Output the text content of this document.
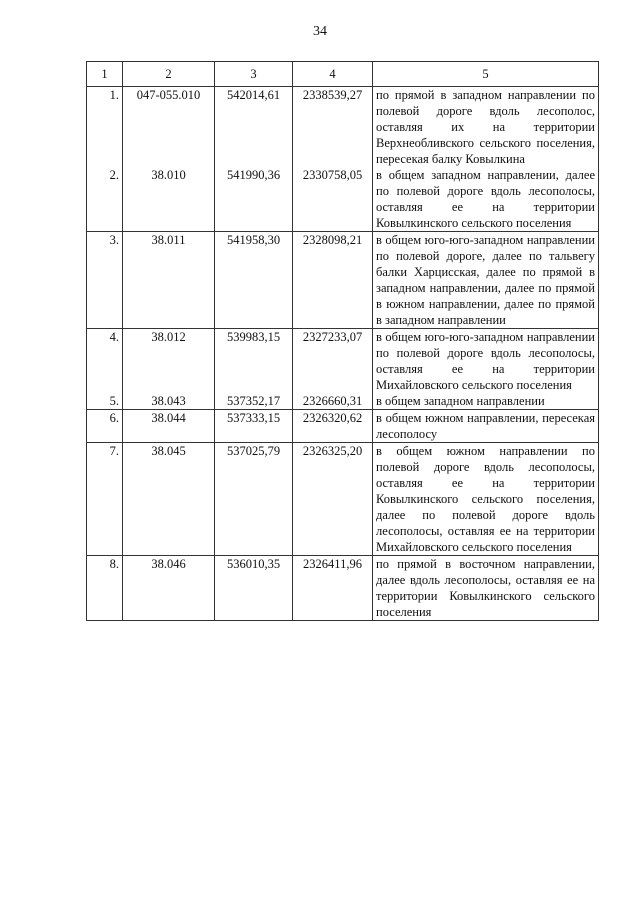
34
1	2	3	4	5
1.	047-055.010	542014,61	2338539,27	по прямой в западном направлении по полевой дороге вдоль лесополос, оставляя их на территории Верхнеобливского сельского поселения, пересекая балку Ковылкина
2.	38.010	541990,36	2330758,05	в общем западном направлении, далее по полевой дороге вдоль лесополосы, оставляя ее на территории Ковылкинского сельского поселения
3.	38.011	541958,30	2328098,21	в общем юго-юго-западном направлении по полевой дороге, далее по тальвегу балки Харцисская, далее по прямой в западном направлении, далее по прямой в южном направлении, далее по прямой в западном направлении
4.	38.012	539983,15	2327233,07	в общем юго-юго-западном направлении по полевой дороге вдоль лесополосы, оставляя ее на территории Михайловского сельского поселения
5.	38.043	537352,17	2326660,31	в общем западном направлении
6.	38.044	537333,15	2326320,62	в общем южном направлении, пересекая лесополосу
7.	38.045	537025,79	2326325,20	в общем южном направлении по полевой дороге вдоль лесополосы, оставляя ее на территории Ковылкинского сельского поселения, далее по полевой дороге вдоль лесополосы, оставляя ее на территории Михайловского сельского поселения
8.	38.046	536010,35	2326411,96	по прямой в восточном направлении, далее вдоль лесополосы, оставляя ее на территории Ковылкинского сельского поселения
